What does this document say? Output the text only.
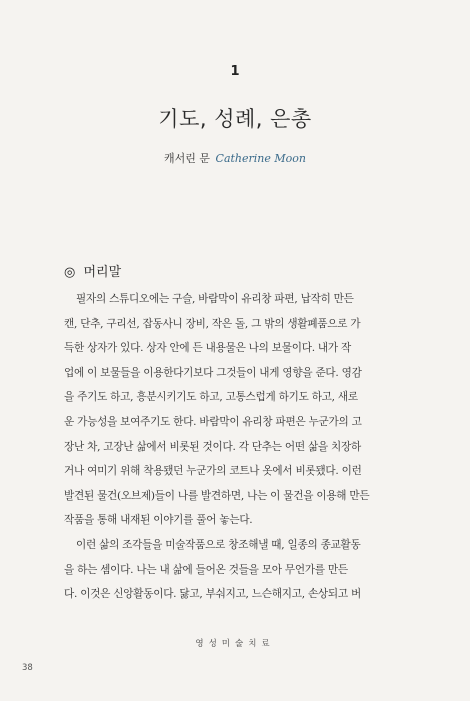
1
기도, 성례, 은총
캐서린 문 Catherine Moon
◎ 머리말
필자의 스튜디오에는 구슬, 바람막이 유리창 파편, 납작히 만든
캔, 단추, 구리선, 잡동사니 장비, 작은 돌, 그 밖의 생활폐품으로 가
득한 상자가 있다. 상자 안에 든 내용물은 나의 보물이다. 내가 작
업에 이 보물들을 이용한다기보다 그것들이 내게 영향을 준다. 영감
을 주기도 하고, 흥분시키기도 하고, 고통스럽게 하기도 하고, 새로
운 가능성을 보여주기도 한다. 바람막이 유리창 파편은 누군가의 고
장난 차, 고장난 삶에서 비롯된 것이다. 각 단추는 어떤 삶을 치장하
거나 여미기 위해 착용됐던 누군가의 코트나 옷에서 비롯됐다. 이런
발견된 물건(오브제)들이 나를 발견하면, 나는 이 물건을 이용해 만든
작품을 통해 내재된 이야기를 풀어 놓는다.
이런 삶의 조각들을 미술작품으로 창조해낼 때, 일종의 종교활동
을 하는 셈이다. 나는 내 삶에 들어온 것들을 모아 무언가를 만든
다. 이것은 신앙활동이다. 닳고, 부숴지고, 느슨해지고, 손상되고 버
영성미술치료
38
